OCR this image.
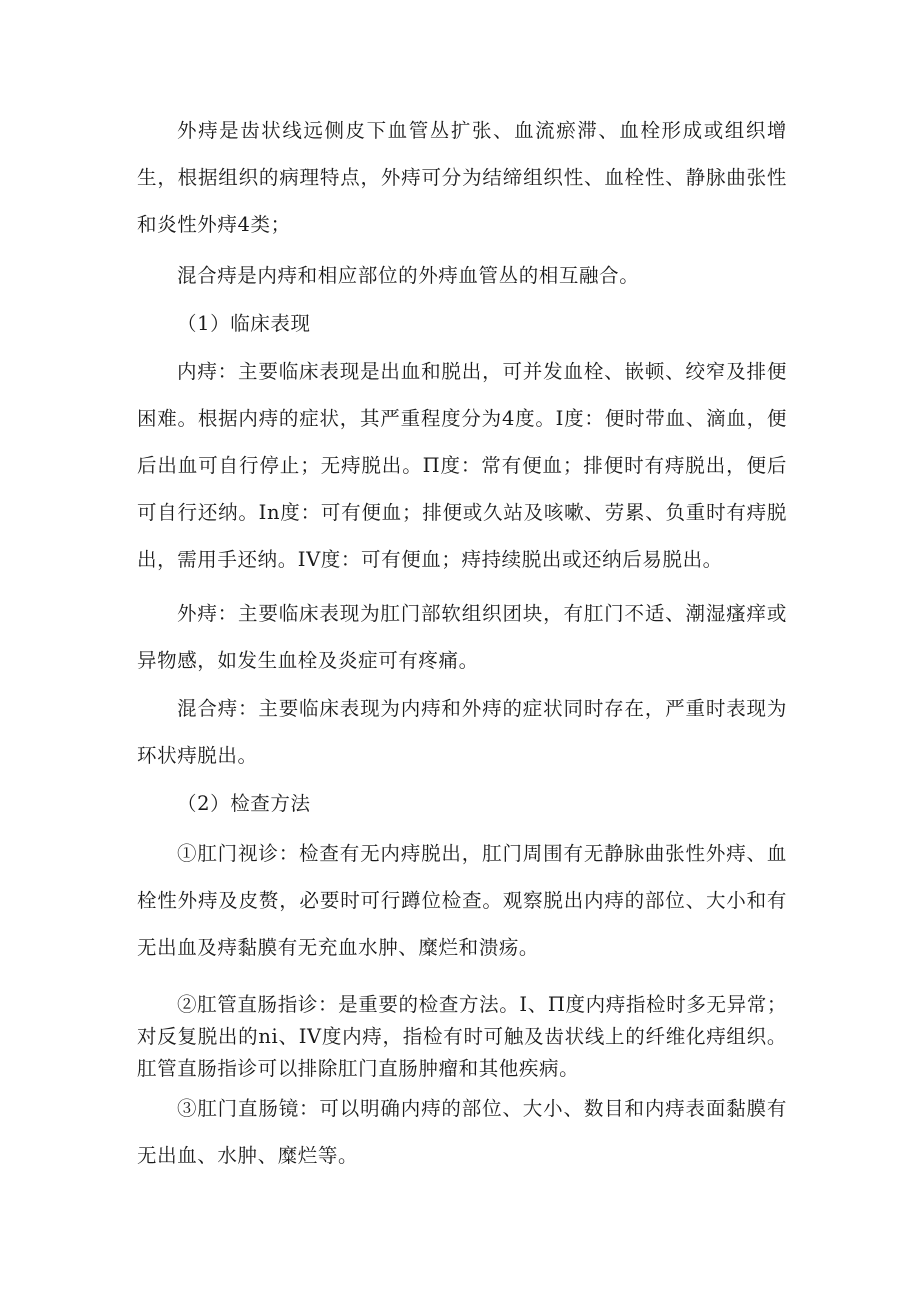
外痔是齿状线远侧皮下血管丛扩张、血流瘀滞、血栓形成或组织增生，根据组织的病理特点，外痔可分为结缔组织性、血栓性、静脉曲张性和炎性外痔4类；

混合痔是内痔和相应部位的外痔血管丛的相互融合。

（1）临床表现

内痔：主要临床表现是出血和脱出，可并发血栓、嵌顿、绞窄及排便困难。根据内痔的症状，其严重程度分为4度。I度：便时带血、滴血，便后出血可自行停止；无痔脱出。Π度：常有便血；排便时有痔脱出，便后可自行还纳。In度：可有便血；排便或久站及咳嗽、劳累、负重时有痔脱出，需用手还纳。IV度：可有便血；痔持续脱出或还纳后易脱出。

外痔：主要临床表现为肛门部软组织团块，有肛门不适、潮湿瘙痒或异物感，如发生血栓及炎症可有疼痛。

混合痔：主要临床表现为内痔和外痔的症状同时存在，严重时表现为环状痔脱出。

（2）检查方法

①肛门视诊：检查有无内痔脱出，肛门周围有无静脉曲张性外痔、血栓性外痔及皮赘，必要时可行蹲位检查。观察脱出内痔的部位、大小和有无出血及痔黏膜有无充血水肿、糜烂和溃疡。

②肛管直肠指诊：是重要的检查方法。I、Π度内痔指检时多无异常；对反复脱出的ni、IV度内痔，指检有时可触及齿状线上的纤维化痔组织。肛管直肠指诊可以排除肛门直肠肿瘤和其他疾病。

③肛门直肠镜：可以明确内痔的部位、大小、数目和内痔表面黏膜有无出血、水肿、糜烂等。
